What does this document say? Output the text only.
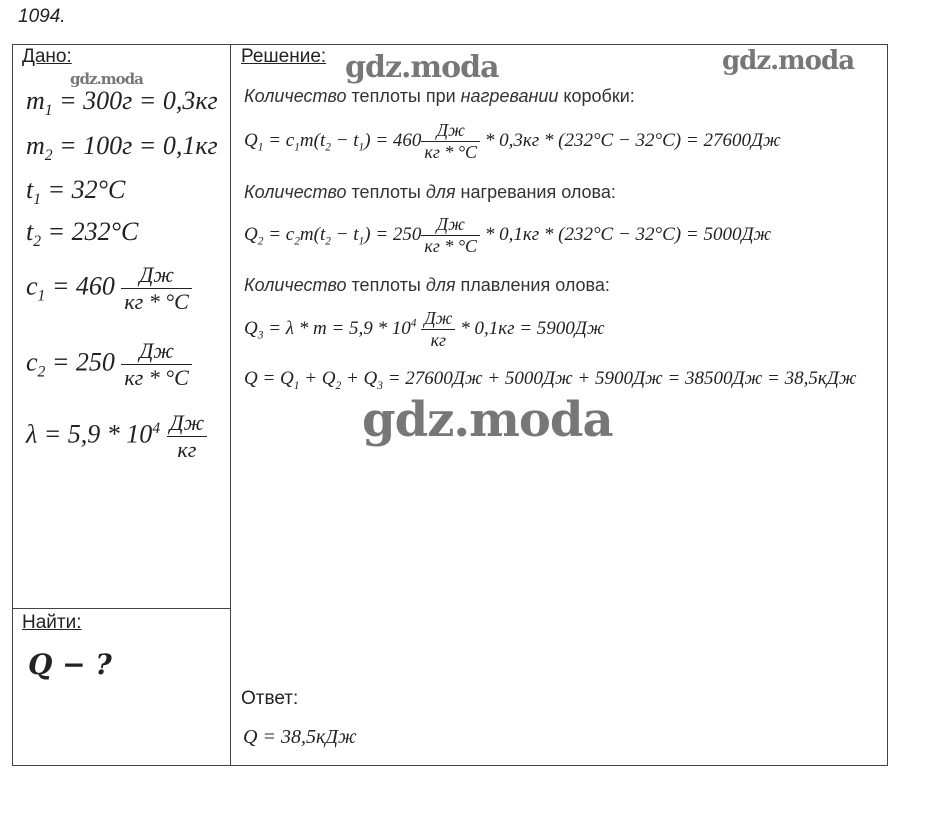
1094.
Дано:
gdz.moda
$m_1 = 300г = 0,3кг$
$m_2 = 100г = 0,1кг$
$t_1 = 32^\circ С$
$t_2 = 232^\circ С$
$c_1 = 460 \frac{Дж}{кг * ^\circ С}$
$c_2 = 250 \frac{Дж}{кг * ^\circ С}$
$\lambda = 5,9 * 10^4 \frac{Дж}{кг}$
Найти:
Q − ?
Решение: gdz.moda	gdz.moda
gdz.moda
Количество теплоты при нагревании коробки:
$Q_1 = c_1m(t_2 - t_1) = 460 \frac{Дж}{кг * ^\circ С} * 0,3кг * (232^\circ С - 32^\circ С) = 27600Дж$
Количество теплоты для нагревания олова:
$Q_2 = c_2m(t_2 - t_1) = 250 \frac{Дж}{кг * ^\circ С} * 0,1кг * (232^\circ С - 32^\circ С) = 5000Дж$
Количество теплоты для плавления олова:
$Q_3 = \lambda * m = 5,9 * 10^4 \frac{Дж}{кг} * 0,1кг = 5900Дж$
$Q = Q_1 + Q_2 + Q_3 = 27600Дж + 5000Дж + 5900Дж = 38500Дж = 38,5кДж$
Ответ:
Q = 38,5кДж
